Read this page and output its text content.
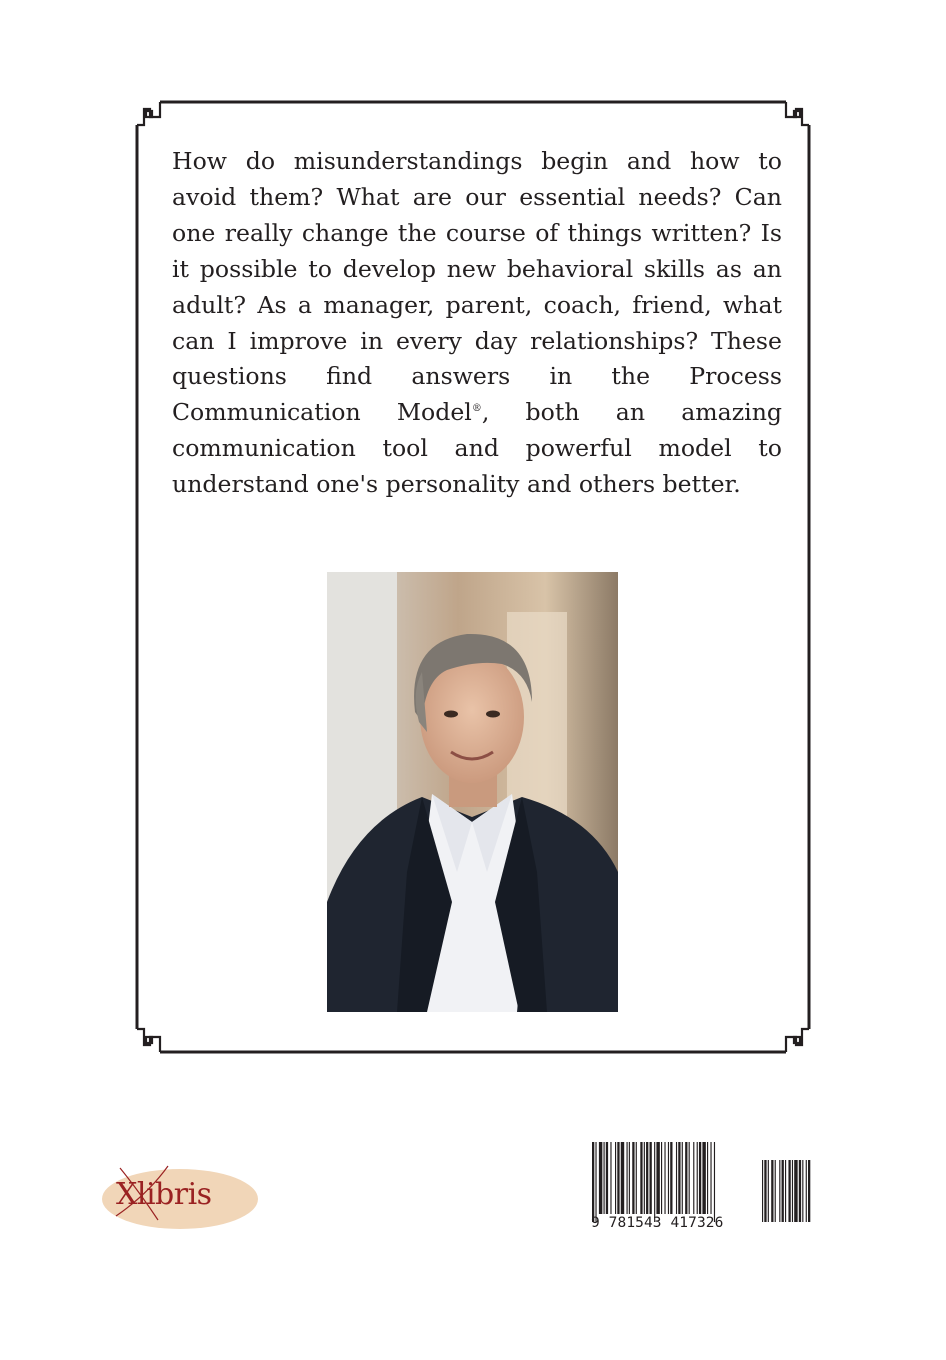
How do misunderstandings begin and how to avoid them? What are our essential needs? Can one really change the course of things written? Is it possible to develop new behavioral skills as an adult? As a manager, parent, coach, friend, what can I improve in every day relationships? These questions find answers in the Process Communication Model®, both an amazing communication tool and powerful model to understand one's personality and others better.

9 781543 417326
Xlibris
